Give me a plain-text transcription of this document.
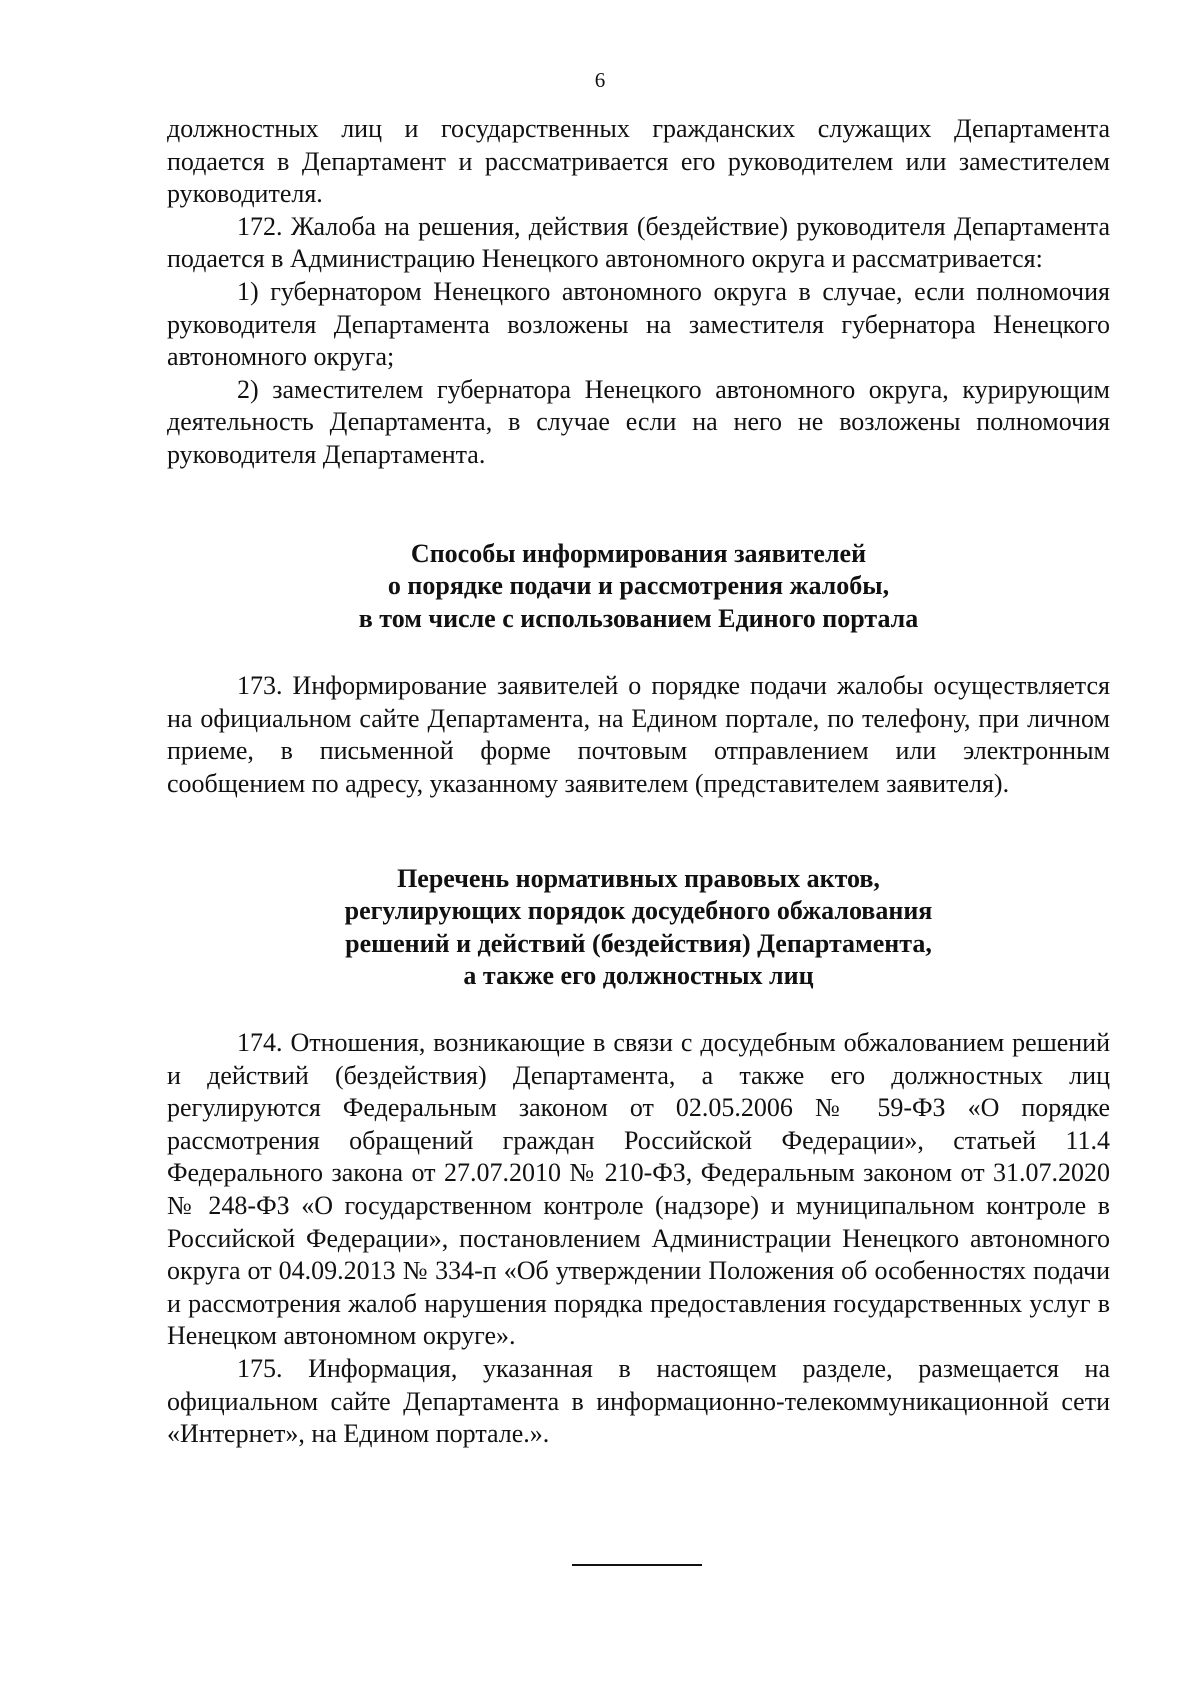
6

должностных лиц и государственных гражданских служащих Департамента подается в Департамент и рассматривается его руководителем или заместителем руководителя.

172. Жалоба на решения, действия (бездействие) руководителя Департамента подается в Администрацию Ненецкого автономного округа и рассматривается:

1) губернатором Ненецкого автономного округа в случае, если полномочия руководителя Департамента возложены на заместителя губернатора Ненецкого автономного округа;

2) заместителем губернатора Ненецкого автономного округа, курирующим деятельность Департамента, в случае если на него не возложены полномочия руководителя Департамента.

Способы информирования заявителей
о порядке подачи и рассмотрения жалобы,
в том числе с использованием Единого портала

173. Информирование заявителей о порядке подачи жалобы осуществляется на официальном сайте Департамента, на Едином портале, по телефону, при личном приеме, в письменной форме почтовым отправлением или электронным сообщением по адресу, указанному заявителем (представителем заявителя).

Перечень нормативных правовых актов,
регулирующих порядок досудебного обжалования
решений и действий (бездействия) Департамента,
а также его должностных лиц

174. Отношения, возникающие в связи с досудебным обжалованием решений и действий (бездействия) Департамента, а также его должностных лиц регулируются Федеральным законом от 02.05.2006 № 59-ФЗ «О порядке рассмотрения обращений граждан Российской Федерации», статьей 11.4 Федерального закона от 27.07.2010 № 210-ФЗ, Федеральным законом от 31.07.2020 № 248-ФЗ «О государственном контроле (надзоре) и муниципальном контроле в Российской Федерации», постановлением Администрации Ненецкого автономного округа от 04.09.2013 № 334-п «Об утверждении Положения об особенностях подачи и рассмотрения жалоб нарушения порядка предоставления государственных услуг в Ненецком автономном округе».

175. Информация, указанная в настоящем разделе, размещается на официальном сайте Департамента в информационно-телекоммуникационной сети «Интернет», на Едином портале.».
